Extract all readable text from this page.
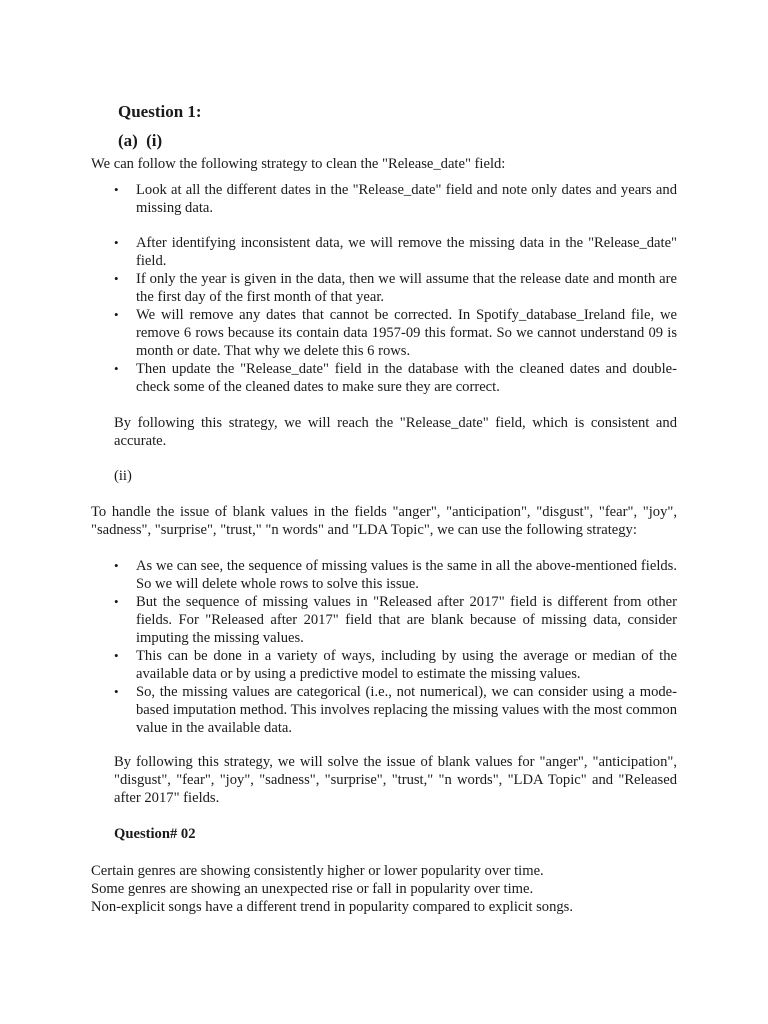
Question 1:
(a) (i)

We can follow the following strategy to clean the "Release_date" field:

• Look at all the different dates in the "Release_date" field and note only dates and years and missing data.
• After identifying inconsistent data, we will remove the missing data in the "Release_date" field.
• If only the year is given in the data, then we will assume that the release date and month are the first day of the first month of that year.
• We will remove any dates that cannot be corrected. In Spotify_database_Ireland file, we remove 6 rows because its contain data 1957-09 this format. So we cannot understand 09 is month or date. That why we delete this 6 rows.
• Then update the "Release_date" field in the database with the cleaned dates and double-check some of the cleaned dates to make sure they are correct.

By following this strategy, we will reach the "Release_date" field, which is consistent and accurate.

(ii)

To handle the issue of blank values in the fields "anger", "anticipation", "disgust", "fear", "joy", "sadness", "surprise", "trust," "n words" and "LDA Topic", we can use the following strategy:

• As we can see, the sequence of missing values is the same in all the above-mentioned fields. So we will delete whole rows to solve this issue.
• But the sequence of missing values in "Released after 2017" field is different from other fields. For "Released after 2017" field that are blank because of missing data, consider imputing the missing values.
• This can be done in a variety of ways, including by using the average or median of the available data or by using a predictive model to estimate the missing values.
• So, the missing values are categorical (i.e., not numerical), we can consider using a mode-based imputation method. This involves replacing the missing values with the most common value in the available data.

By following this strategy, we will solve the issue of blank values for "anger", "anticipation", "disgust", "fear", "joy", "sadness", "surprise", "trust," "n words", "LDA Topic" and "Released after 2017" fields.

Question# 02
Certain genres are showing consistently higher or lower popularity over time.
Some genres are showing an unexpected rise or fall in popularity over time.
Non-explicit songs have a different trend in popularity compared to explicit songs.
